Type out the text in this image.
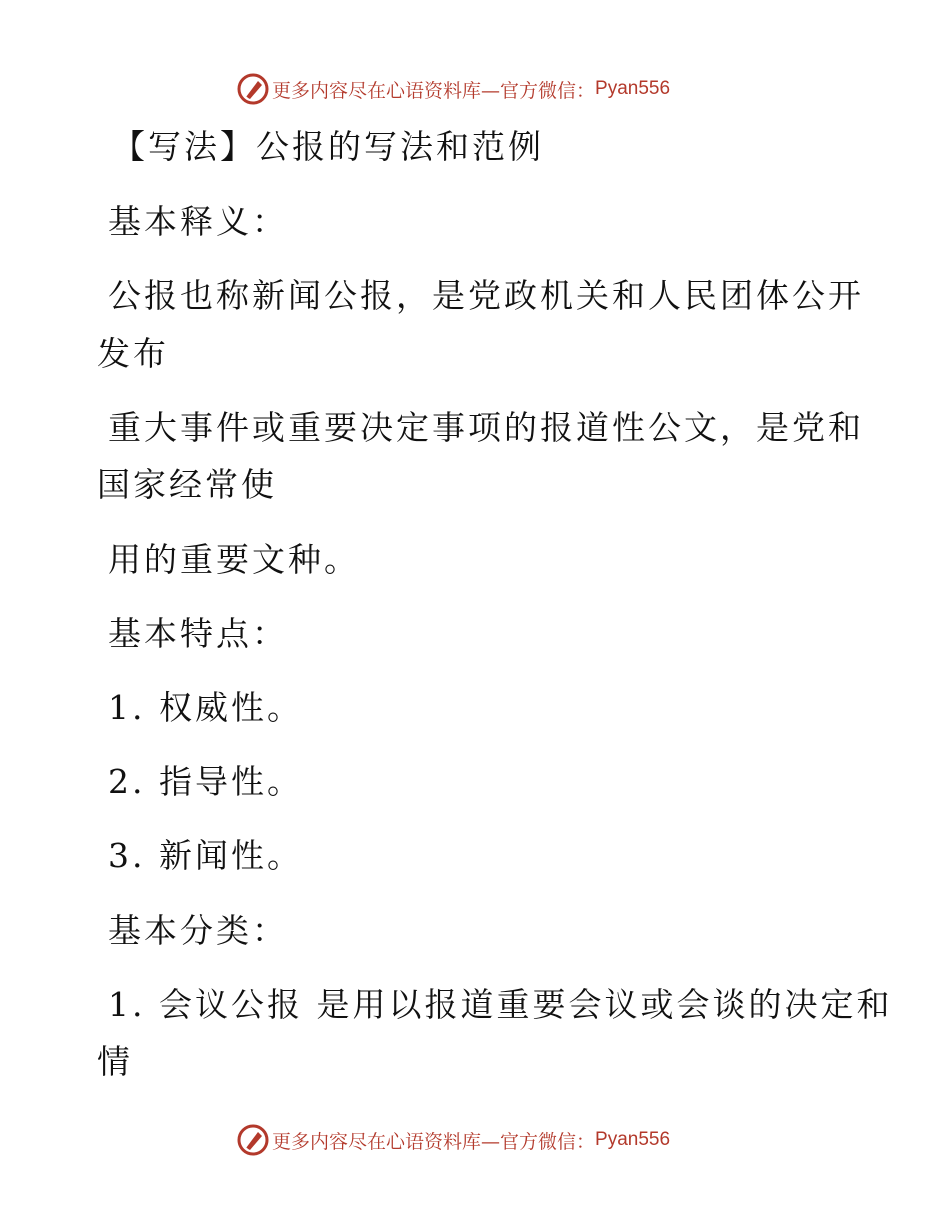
更多内容尽在心语资料库—官方微信： Pyan556
【写法】公报的写法和范例
基本释义：
公报也称新闻公报，是党政机关和人民团体公开
发布
重大事件或重要决定事项的报道性公文，是党和
国家经常使
用的重要文种。
基本特点：
1. 权威性。
2. 指导性。
3. 新闻性。
基本分类：
1. 会议公报 是用以报道重要会议或会谈的决定和
情
更多内容尽在心语资料库—官方微信： Pyan556
